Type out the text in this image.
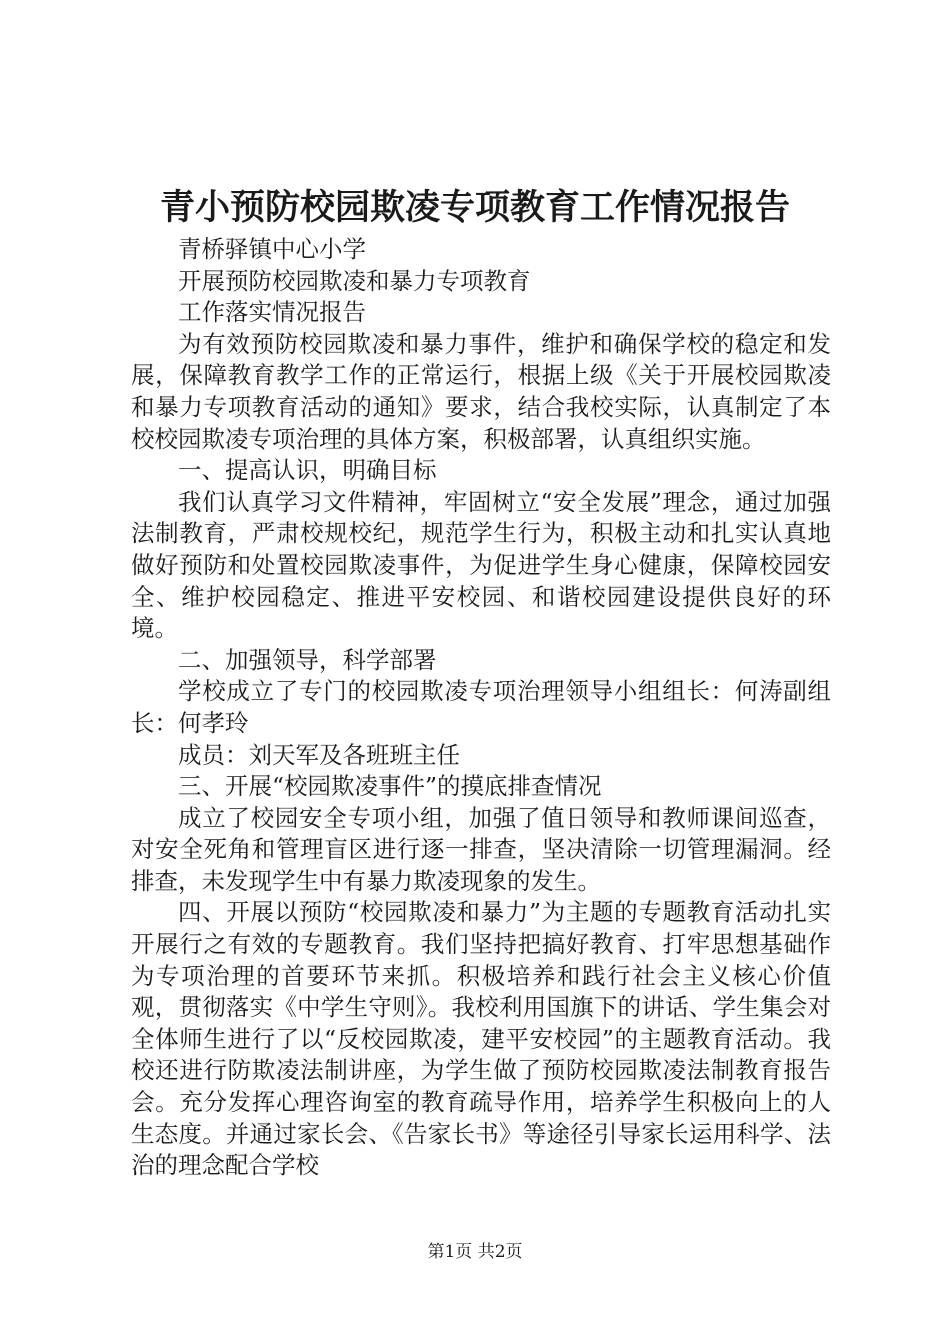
青小预防校园欺凌专项教育工作情况报告

青桥驿镇中心小学

开展预防校园欺凌和暴力专项教育

工作落实情况报告

为有效预防校园欺凌和暴力事件，维护和确保学校的稳定和发展，保障教育教学工作的正常运行，根据上级《关于开展校园欺凌和暴力专项教育活动的通知》要求，结合我校实际，认真制定了本校校园欺凌专项治理的具体方案，积极部署，认真组织实施。

一、提高认识，明确目标

我们认真学习文件精神，牢固树立“安全发展”理念，通过加强法制教育，严肃校规校纪，规范学生行为，积极主动和扎实认真地做好预防和处置校园欺凌事件，为促进学生身心健康，保障校园安全、维护校园稳定、推进平安校园、和谐校园建设提供良好的环境。

二、加强领导，科学部署

学校成立了专门的校园欺凌专项治理领导小组组长：何涛副组长：何孝玲

成员：刘天军及各班班主任

三、开展“校园欺凌事件”的摸底排查情况

成立了校园安全专项小组，加强了值日领导和教师课间巡查，对安全死角和管理盲区进行逐一排查，坚决清除一切管理漏洞。经排查，未发现学生中有暴力欺凌现象的发生。

四、开展以预防“校园欺凌和暴力”为主题的专题教育活动扎实开展行之有效的专题教育。我们坚持把搞好教育、打牢思想基础作为专项治理的首要环节来抓。积极培养和践行社会主义核心价值观，贯彻落实《中学生守则》。我校利用国旗下的讲话、学生集会对全体师生进行了以“反校园欺凌，建平安校园”的主题教育活动。我校还进行防欺凌法制讲座，为学生做了预防校园欺凌法制教育报告会。充分发挥心理咨询室的教育疏导作用，培养学生积极向上的人生态度。并通过家长会、《告家长书》等途径引导家长运用科学、法治的理念配合学校

第1页 共2页
